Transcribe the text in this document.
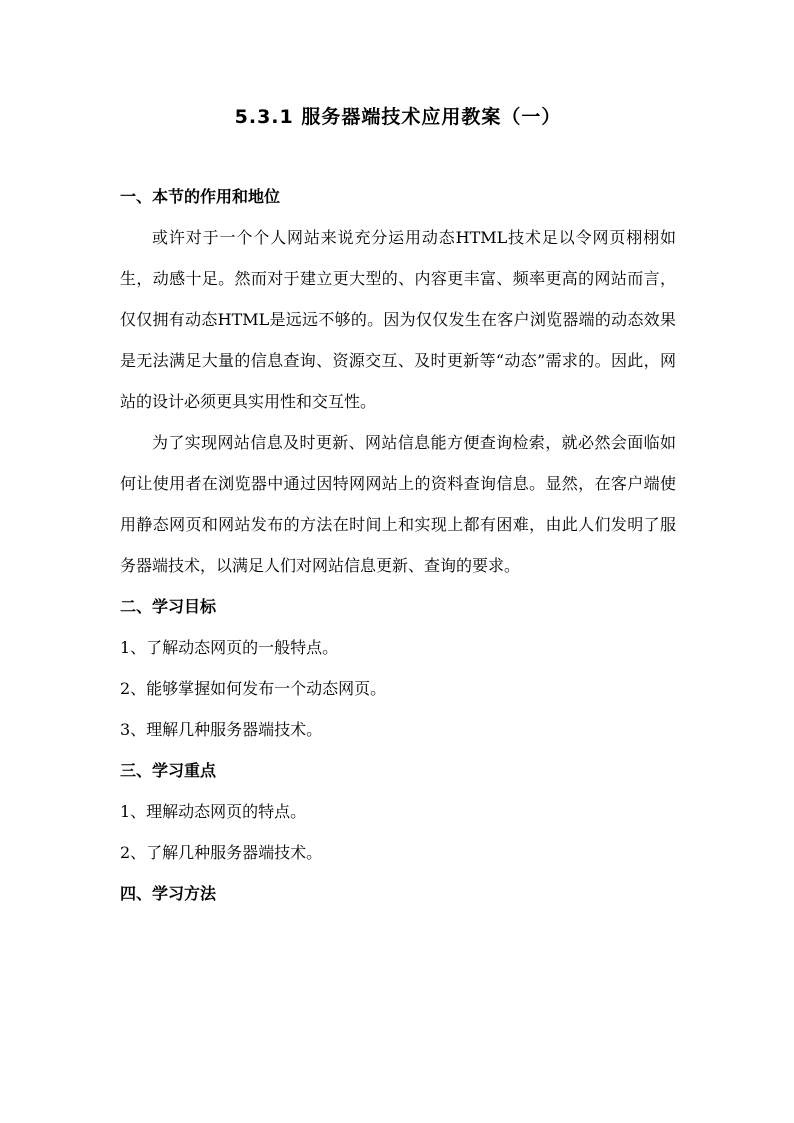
5.3.1 服务器端技术应用教案（一）
一、本节的作用和地位

或许对于一个个人网站来说充分运用动态HTML技术足以令网页栩栩如生，动感十足。然而对于建立更大型的、内容更丰富、频率更高的网站而言，仅仅拥有动态HTML是远远不够的。因为仅仅发生在客户浏览器端的动态效果是无法满足大量的信息查询、资源交互、及时更新等“动态”需求的。因此，网站的设计必须更具实用性和交互性。

为了实现网站信息及时更新、网站信息能方便查询检索，就必然会面临如何让使用者在浏览器中通过因特网网站上的资料查询信息。显然，在客户端使用静态网页和网站发布的方法在时间上和实现上都有困难，由此人们发明了服务器端技术，以满足人们对网站信息更新、查询的要求。

二、学习目标
1、了解动态网页的一般特点。
2、能够掌握如何发布一个动态网页。
3、理解几种服务器端技术。
三、学习重点
1、理解动态网页的特点。
2、了解几种服务器端技术。
四、学习方法
